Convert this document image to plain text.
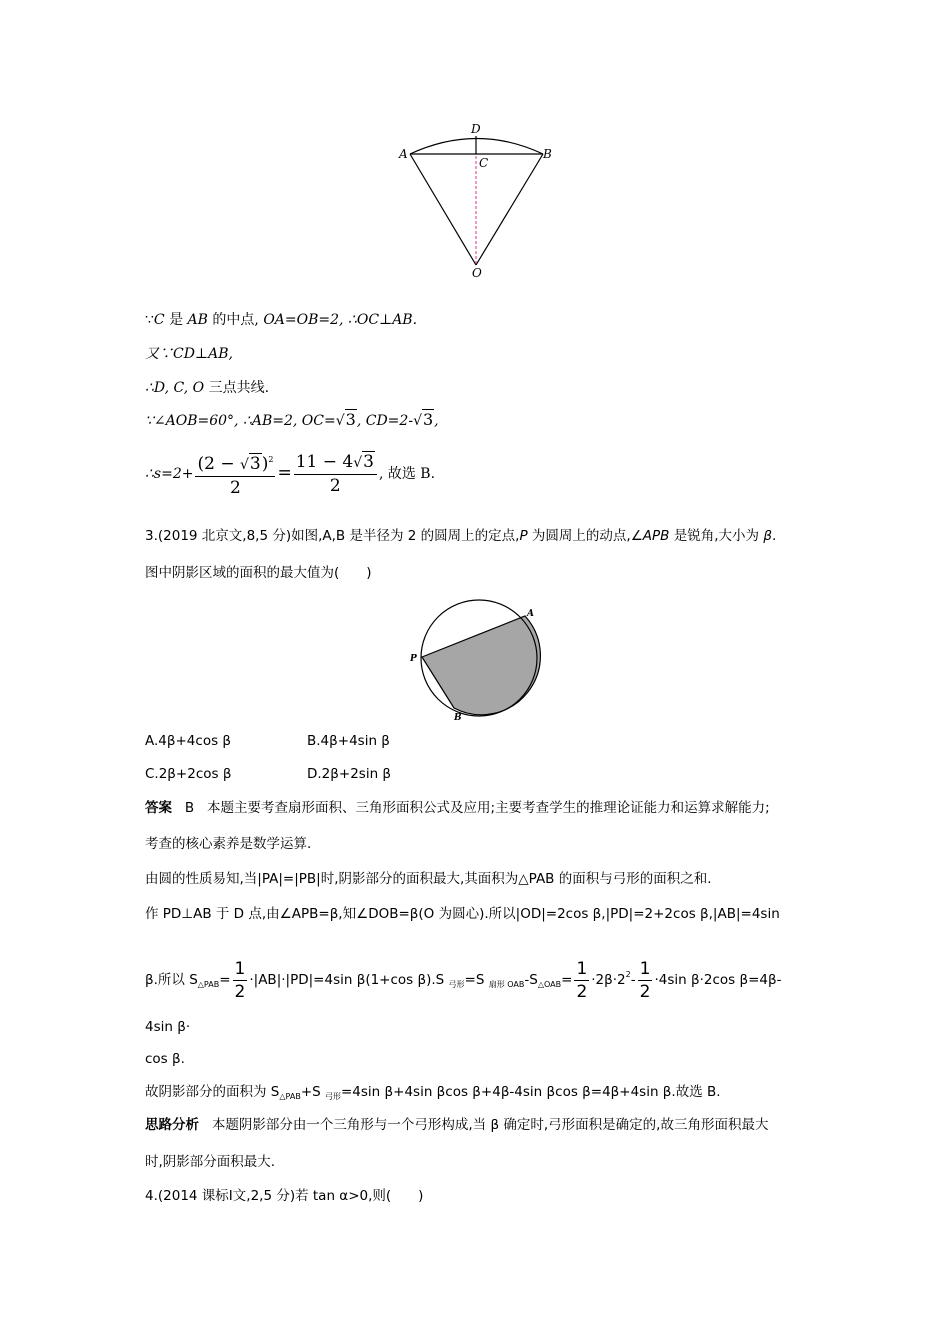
D
C
A	B
O
∵C 是 AB 的中点, OA=OB=2, ∴OC⊥AB.
又∵CD⊥AB,
∴D, C, O 三点共线.
∵∠AOB=60°, ∴AB=2, OC=√3, CD=2-√3,
∴s=2+ $\frac{(2 - √3)^2}{2} = \frac{11 - 4√3}{2}$ , 故选 B.
3.(2019 北京文,8,5 分)如图,A,B 是半径为 2 的圆周上的定点,P 为圆周上的动点,∠APB 是锐角,大小为 β.
图中阴影区域的面积的最大值为(　　)
A
P
B
A.4β+4cos β	B.4β+4sin β
C.2β+2cos β	D.2β+2sin β
答案 B 本题主要考查扇形面积、三角形面积公式及应用;主要考查学生的推理论证能力和运算求解能力;
考查的核心素养是数学运算.
由圆的性质易知,当|PA|=|PB|时,阴影部分的面积最大,其面积为△PAB 的面积与弓形的面积之和.
作 PD⊥AB 于 D 点,由∠APB=β,知∠DOB=β(O 为圆心).所以|OD|=2cos β,|PD|=2+2cos β,|AB|=4sin
β.所以 $S_{\triangle PAB}= \frac{1}{2} \cdot|AB|\cdot|PD|=4\sin$ β(1+cos β).S $_{弓形}$=S $_{扇形 OAB}-S_{\triangle OAB}= \frac{1}{2} \cdot 2\beta\cdot 2^2- \frac{1}{2} \cdot 4\sin$ β·2cos β=4β-
4sin β·
cos β.
故阴影部分的面积为 $S_{\triangle PAB}+S$ $_{弓形}$=4sin β+4sin βcos β+4β-4sin βcos β=4β+4sin β.故选 B.
思路分析 本题阴影部分由一个三角形与一个弓形构成,当 β 确定时,弓形面积是确定的,故三角形面积最大
时,阴影部分面积最大.
4.(2014 课标Ⅰ文,2,5 分)若 tan α>0,则(　　)
